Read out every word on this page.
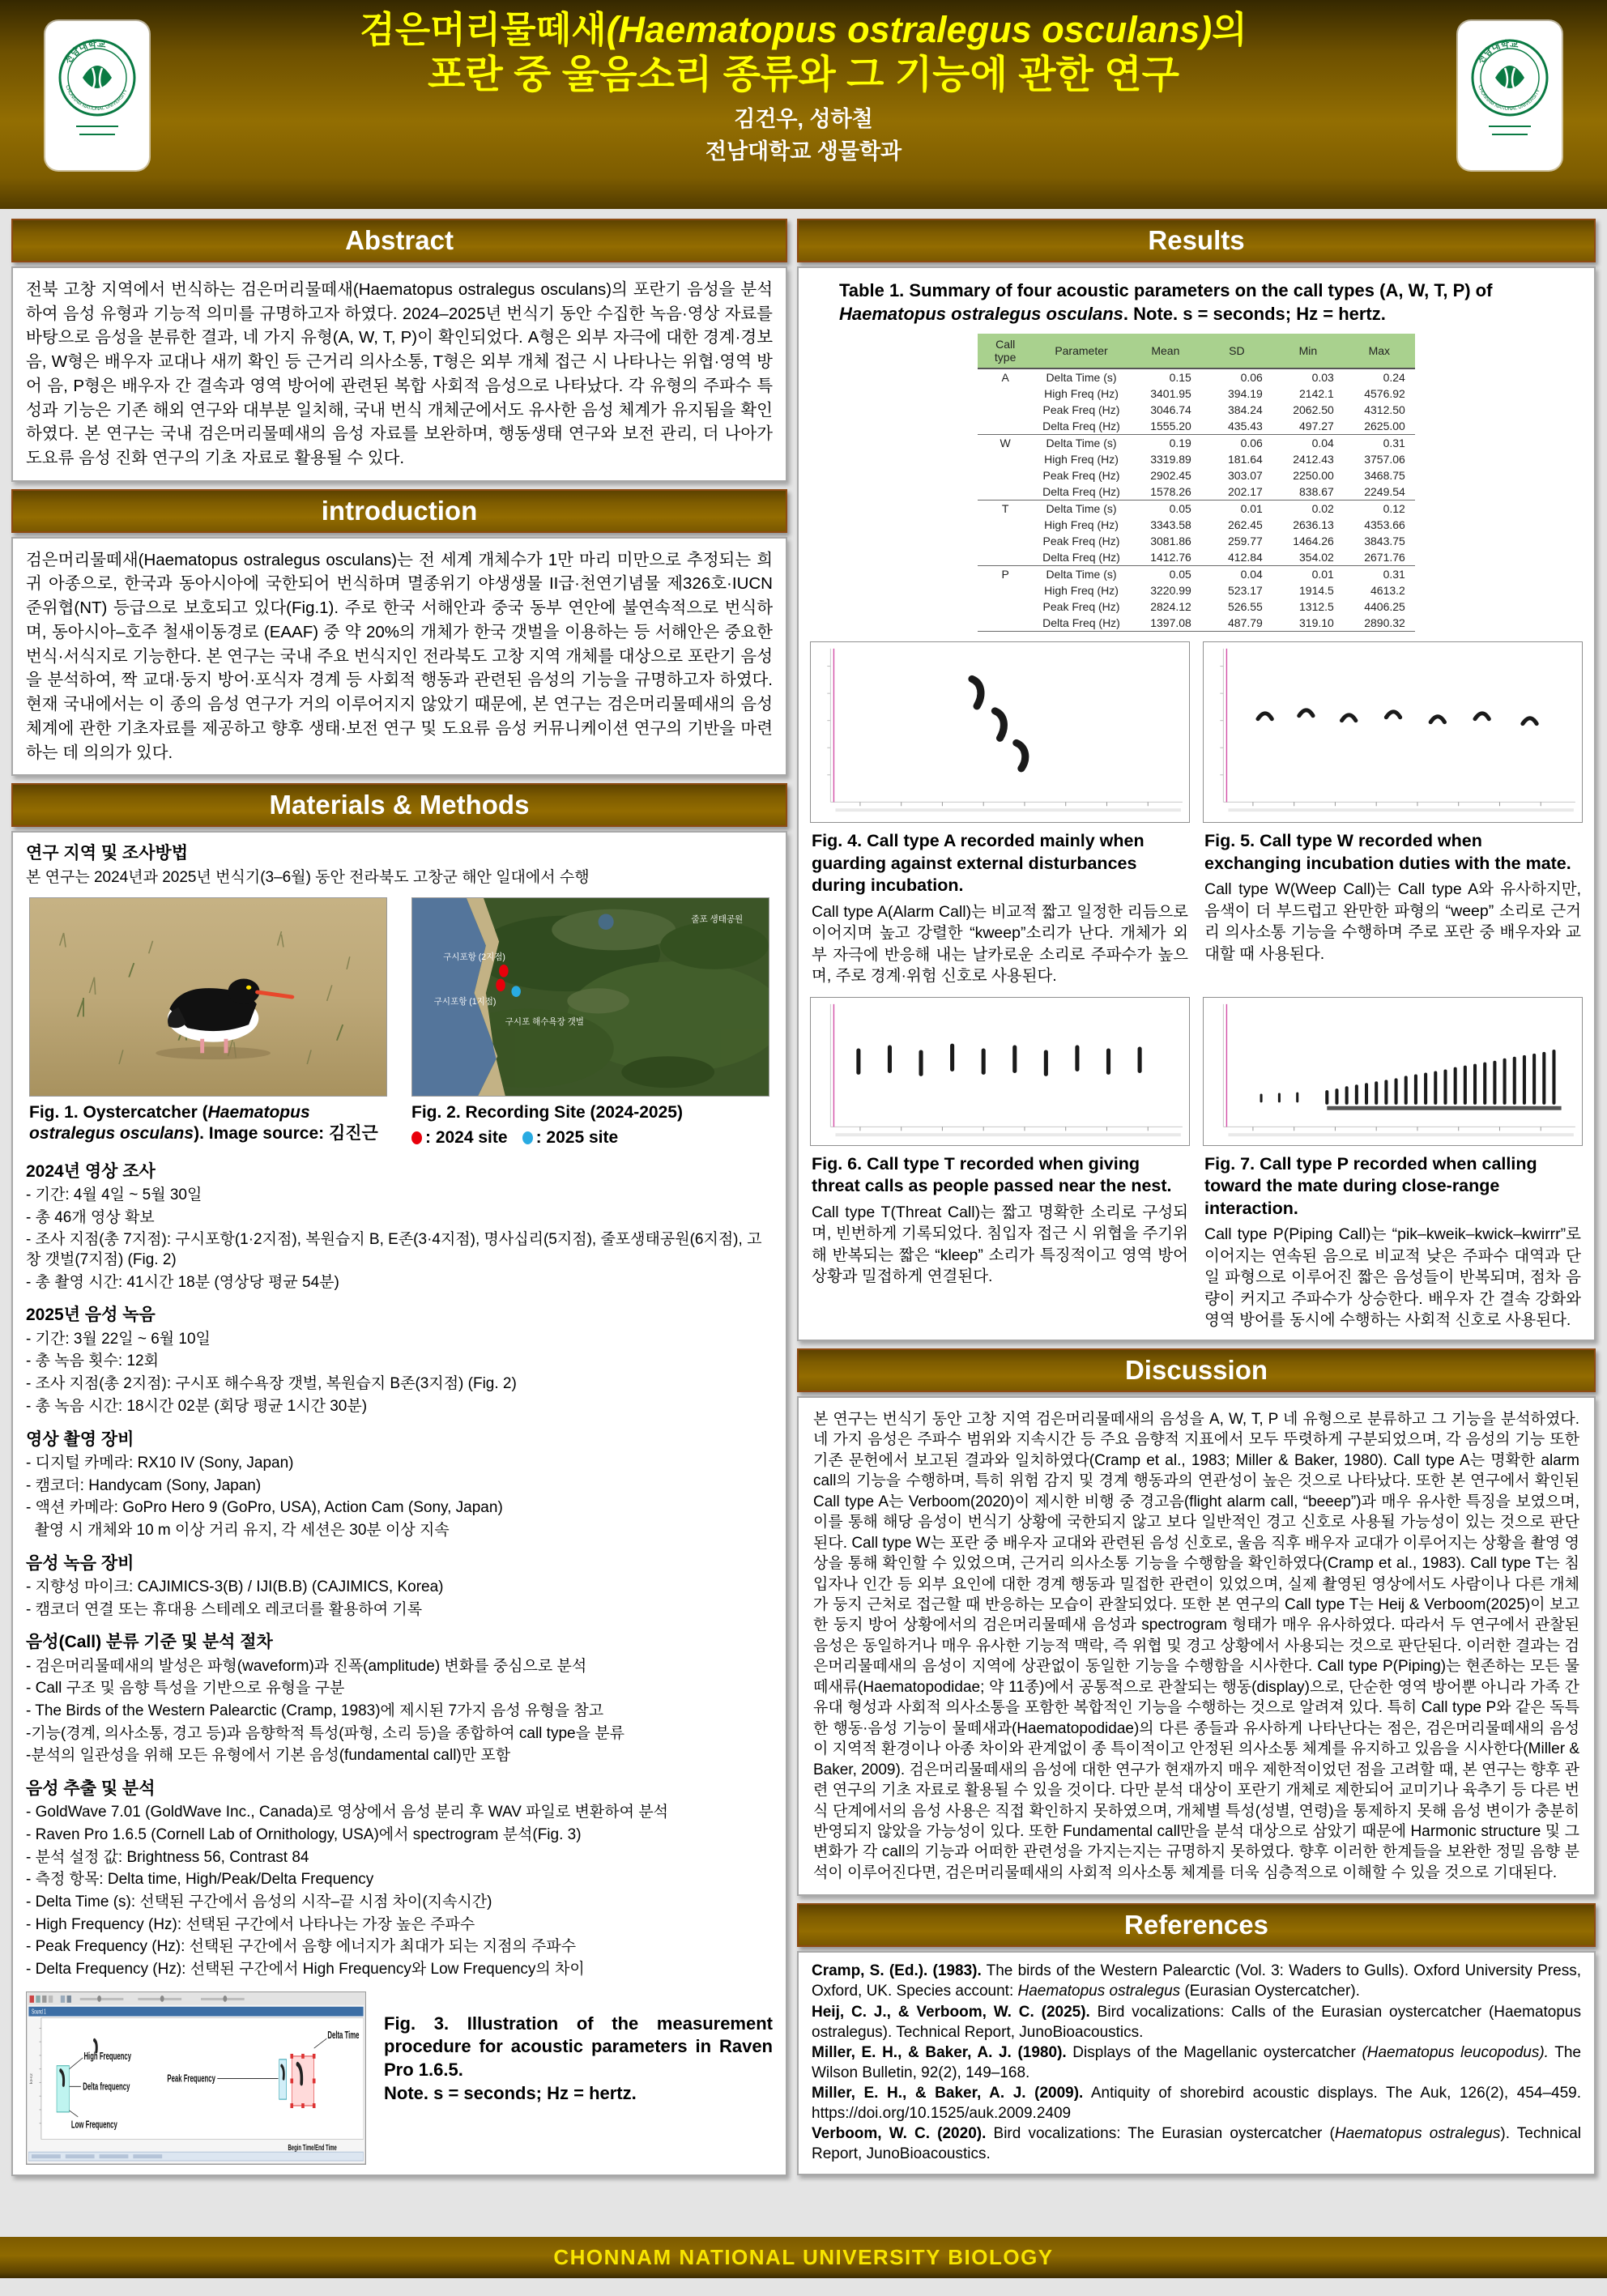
전남대학교
CHONNAM NATIONAL UNIVERSITY
검은머리물떼새(Haematopus ostralegus osculans)의
포란 중 울음소리 종류와 그 기능에 관한 연구
김건우, 성하철
전남대학교 생물학과
전남대학교
CHONNAM NATIONAL UNIVERSITY
Abstract
전북 고창 지역에서 번식하는 검은머리물떼새(Haematopus ostralegus osculans)의 포란기 음성을 분석하여 음성 유형과 기능적 의미를 규명하고자 하였다. 2024–2025년 번식기 동안 수집한 녹음·영상 자료를 바탕으로 음성을 분류한 결과, 네 가지 유형(A, W, T, P)이 확인되었다. A형은 외부 자극에 대한 경계·경보 음, W형은 배우자 교대나 새끼 확인 등 근거리 의사소통, T형은 외부 개체 접근 시 나타나는 위협·영역 방어 음, P형은 배우자 간 결속과 영역 방어에 관련된 복합 사회적 음성으로 나타났다. 각 유형의 주파수 특성과 기능은 기존 해외 연구와 대부분 일치해, 국내 번식 개체군에서도 유사한 음성 체계가 유지됨을 확인하였다. 본 연구는 국내 검은머리물떼새의 음성 자료를 보완하며, 행동생태 연구와 보전 관리, 더 나아가 도요류 음성 진화 연구의 기초 자료로 활용될 수 있다.
introduction
검은머리물떼새(Haematopus ostralegus osculans)는 전 세계 개체수가 1만 마리 미만으로 추정되는 희귀 아종으로, 한국과 동아시아에 국한되어 번식하며 멸종위기 야생생물 II급·천연기념물 제326호·IUCN 준위협(NT) 등급으로 보호되고 있다(Fig.1). 주로 한국 서해안과 중국 동부 연안에 불연속적으로 번식하며, 동아시아–호주 철새이동경로 (EAAF) 중 약 20%의 개체가 한국 갯벌을 이용하는 등 서해안은 중요한 번식·서식지로 기능한다. 본 연구는 국내 주요 번식지인 전라북도 고창 지역 개체를 대상으로 포란기 음성을 분석하여, 짝 교대·둥지 방어·포식자 경계 등 사회적 행동과 관련된 음성의 기능을 규명하고자 하였다. 현재 국내에서는 이 종의 음성 연구가 거의 이루어지지 않았기 때문에, 본 연구는 검은머리물떼새의 음성 체계에 관한 기초자료를 제공하고 향후 생태·보전 연구 및 도요류 음성 커뮤니케이션 연구의 기반을 마련하는 데 의의가 있다.
Materials & Methods
연구 지역 및 조사방법
본 연구는 2024년과 2025년 번식기(3–6월) 동안 전라북도 고창군 해안 일대에서 수행
Fig. 1. Oystercatcher (Haematopus ostralegus osculans). Image source: 김진근
줄포 생태공원
구시포항 (2지점)
구시포항 (1지점)
구시포 해수욕장 갯벌
Fig. 2. Recording Site (2024-2025)
: 2024 site : 2025 site
2024년 영상 조사
- 기간: 4월 4일 ~ 5월 30일
- 총 46개 영상 확보
- 조사 지점(총 7지점): 구시포항(1·2지점), 복원습지 B, E존(3·4지점), 명사십리(5지점), 줄포생태공원(6지점), 고창 갯벌(7지점) (Fig. 2)
- 총 촬영 시간: 41시간 18분 (영상당 평균 54분)
2025년 음성 녹음
- 기간: 3월 22일 ~ 6월 10일
- 총 녹음 횟수: 12회
- 조사 지점(총 2지점): 구시포 해수욕장 갯벌, 복원습지 B존(3지점) (Fig. 2)
- 총 녹음 시간: 18시간 02분 (회당 평균 1시간 30분)
영상 촬영 장비
- 디지털 카메라: RX10 IV (Sony, Japan)
- 캠코더: Handycam (Sony, Japan)
- 액션 카메라: GoPro Hero 9 (GoPro, USA), Action Cam (Sony, Japan)
촬영 시 개체와 10 m 이상 거리 유지, 각 세션은 30분 이상 지속
음성 녹음 장비
- 지향성 마이크: CAJIMICS-3(B) / IJI(B.B) (CAJIMICS, Korea)
- 캠코더 연결 또는 휴대용 스테레오 레코더를 활용하여 기록
음성(Call) 분류 기준 및 분석 절차
- 검은머리물떼새의 발성은 파형(waveform)과 진폭(amplitude) 변화를 중심으로 분석
- Call 구조 및 음향 특성을 기반으로 유형을 구분
- The Birds of the Western Palearctic (Cramp, 1983)에 제시된 7가지 음성 유형을 참고
-기능(경계, 의사소통, 경고 등)과 음향학적 특성(파형, 소리 등)을 종합하여 call type을 분류
-분석의 일관성을 위해 모든 유형에서 기본 음성(fundamental call)만 포함
음성 추출 및 분석
- GoldWave 7.01 (GoldWave Inc., Canada)로 영상에서 음성 분리 후 WAV 파일로 변환하여 분석
- Raven Pro 1.6.5 (Cornell Lab of Ornithology, USA)에서 spectrogram 분석(Fig. 3)
- 분석 설정 값: Brightness 56, Contrast 84
- 측정 항목: Delta time, High/Peak/Delta Frequency
- Delta Time (s): 선택된 구간에서 음성의 시작–끝 시점 차이(지속시간)
- High Frequency (Hz): 선택된 구간에서 나타나는 가장 높은 주파수
- Peak Frequency (Hz): 선택된 구간에서 음향 에너지가 최대가 되는 지점의 주파수
- Delta Frequency (Hz): 선택된 구간에서 High Frequency와 Low Frequency의 차이
Sound 1
kHz
High Frequency
Delta frequency
Low Frequency
Peak Frequency
Delta Time
Begin Time/End Time
Fig. 3. Illustration of the measurement procedure for acoustic parameters in Raven Pro 1.6.5.
Note. s = seconds; Hz = hertz.
Results
Table 1. Summary of four acoustic parameters on the call types (A, W, T, P) of Haematopus ostralegus osculans. Note. s = seconds; Hz = hertz.
Call type	Parameter	Mean	SD	Min	Max
A	Delta Time (s)	0.15	0.06	0.03	0.24
	High Freq (Hz)	3401.95	394.19	2142.1	4576.92
	Peak Freq (Hz)	3046.74	384.24	2062.50	4312.50
	Delta Freq (Hz)	1555.20	435.43	497.27	2625.00
W	Delta Time (s)	0.19	0.06	0.04	0.31
	High Freq (Hz)	3319.89	181.64	2412.43	3757.06
	Peak Freq (Hz)	2902.45	303.07	2250.00	3468.75
	Delta Freq (Hz)	1578.26	202.17	838.67	2249.54
T	Delta Time (s)	0.05	0.01	0.02	0.12
	High Freq (Hz)	3343.58	262.45	2636.13	4353.66
	Peak Freq (Hz)	3081.86	259.77	1464.26	3843.75
	Delta Freq (Hz)	1412.76	412.84	354.02	2671.76
P	Delta Time (s)	0.05	0.04	0.01	0.31
	High Freq (Hz)	3220.99	523.17	1914.5	4613.2
	Peak Freq (Hz)	2824.12	526.55	1312.5	4406.25
	Delta Freq (Hz)	1397.08	487.79	319.10	2890.32
Fig. 4. Call type A recorded mainly when guarding against external disturbances during incubation.
Call type A(Alarm Call)는 비교적 짧고 일정한 리듬으로 이어지며 높고 강렬한 “kweep”소리가 난다. 개체가 외부 자극에 반응해 내는 날카로운 소리로 주파수가 높으며, 주로 경계·위험 신호로 사용된다.
Fig. 5. Call type W recorded when exchanging incubation duties with the mate.
Call type W(Weep Call)는 Call type A와 유사하지만, 음색이 더 부드럽고 완만한 파형의 “weep” 소리로 근거리 의사소통 기능을 수행하며 주로 포란 중 배우자와 교대할 때 사용된다.
Fig. 6. Call type T recorded when giving threat calls as people passed near the nest.
Call type T(Threat Call)는 짧고 명확한 소리로 구성되며, 빈번하게 기록되었다. 침입자 접근 시 위협을 주기위해 반복되는 짧은 “kleep” 소리가 특징적이고 영역 방어 상황과 밀접하게 연결된다.
Fig. 7. Call type P recorded when calling toward the mate during close-range interaction.
Call type P(Piping Call)는 “pik–kweik–kwick–kwirrr”로 이어지는 연속된 음으로 비교적 낮은 주파수 대역과 단일 파형으로 이루어진 짧은 음성들이 반복되며, 점차 음량이 커지고 주파수가 상승한다. 배우자 간 결속 강화와 영역 방어를 동시에 수행하는 사회적 신호로 사용된다.
Discussion
본 연구는 번식기 동안 고창 지역 검은머리물떼새의 음성을 A, W, T, P 네 유형으로 분류하고 그 기능을 분석하였다. 네 가지 음성은 주파수 범위와 지속시간 등 주요 음향적 지표에서 모두 뚜렷하게 구분되었으며, 각 음성의 기능 또한 기존 문헌에서 보고된 결과와 일치하였다(Cramp et al., 1983; Miller & Baker, 1980). Call type A는 명확한 alarm call의 기능을 수행하며, 특히 위험 감지 및 경계 행동과의 연관성이 높은 것으로 나타났다. 또한 본 연구에서 확인된 Call type A는 Verboom(2020)이 제시한 비행 중 경고음(flight alarm call, “beeep”)과 매우 유사한 특징을 보였으며, 이를 통해 해당 음성이 번식기 상황에 국한되지 않고 보다 일반적인 경고 신호로 사용될 가능성이 있는 것으로 판단된다. Call type W는 포란 중 배우자 교대와 관련된 음성 신호로, 울음 직후 배우자 교대가 이루어지는 상황을 촬영 영상을 통해 확인할 수 있었으며, 근거리 의사소통 기능을 수행함을 확인하였다(Cramp et al., 1983). Call type T는 침입자나 인간 등 외부 요인에 대한 경계 행동과 밀접한 관련이 있었으며, 실제 촬영된 영상에서도 사람이나 다른 개체가 둥지 근처로 접근할 때 반응하는 모습이 관찰되었다. 또한 본 연구의 Call type T는 Heij & Verboom(2025)이 보고한 둥지 방어 상황에서의 검은머리물떼새 음성과 spectrogram 형태가 매우 유사하였다. 따라서 두 연구에서 관찰된 음성은 동일하거나 매우 유사한 기능적 맥락, 즉 위협 및 경고 상황에서 사용되는 것으로 판단된다. 이러한 결과는 검은머리물떼새의 음성이 지역에 상관없이 동일한 기능을 수행함을 시사한다. Call type P(Piping)는 현존하는 모든 물떼새류(Haematopodidae; 약 11종)에서 공통적으로 관찰되는 행동(display)으로, 단순한 영역 방어뿐 아니라 가족 간 유대 형성과 사회적 의사소통을 포함한 복합적인 기능을 수행하는 것으로 알려져 있다. 특히 Call type P와 같은 독특한 행동·음성 기능이 물떼새과(Haematopodidae)의 다른 종들과 유사하게 나타난다는 점은, 검은머리물떼새의 음성이 지역적 환경이나 아종 차이와 관계없이 종 특이적이고 안정된 의사소통 체계를 유지하고 있음을 시사한다(Miller & Baker, 2009). 검은머리물떼새의 음성에 대한 연구가 현재까지 매우 제한적이었던 점을 고려할 때, 본 연구는 향후 관련 연구의 기초 자료로 활용될 수 있을 것이다. 다만 분석 대상이 포란기 개체로 제한되어 교미기나 육추기 등 다른 번식 단계에서의 음성 사용은 직접 확인하지 못하였으며, 개체별 특성(성별, 연령)을 통제하지 못해 음성 변이가 충분히 반영되지 않았을 가능성이 있다. 또한 Fundamental call만을 분석 대상으로 삼았기 때문에 Harmonic structure 및 그 변화가 각 call의 기능과 어떠한 관련성을 가지는지는 규명하지 못하였다. 향후 이러한 한계들을 보완한 정밀 음향 분석이 이루어진다면, 검은머리물떼새의 사회적 의사소통 체계를 더욱 심층적으로 이해할 수 있을 것으로 기대된다.
References
Cramp, S. (Ed.). (1983). The birds of the Western Palearctic (Vol. 3: Waders to Gulls). Oxford University Press, Oxford, UK. Species account: Haematopus ostralegus (Eurasian Oystercatcher).
Heij, C. J., & Verboom, W. C. (2025). Bird vocalizations: Calls of the Eurasian oystercatcher (Haematopus ostralegus). Technical Report, JunoBioacoustics.
Miller, E. H., & Baker, A. J. (1980). Displays of the Magellanic oystercatcher (Haematopus leucopodus). The Wilson Bulletin, 92(2), 149–168.
Miller, E. H., & Baker, A. J. (2009). Antiquity of shorebird acoustic displays. The Auk, 126(2), 454–459. https://doi.org/10.1525/auk.2009.2409
Verboom, W. C. (2020). Bird vocalizations: The Eurasian oystercatcher (Haematopus ostralegus). Technical Report, JunoBioacoustics.
CHONNAM NATIONAL UNIVERSITY BIOLOGY
